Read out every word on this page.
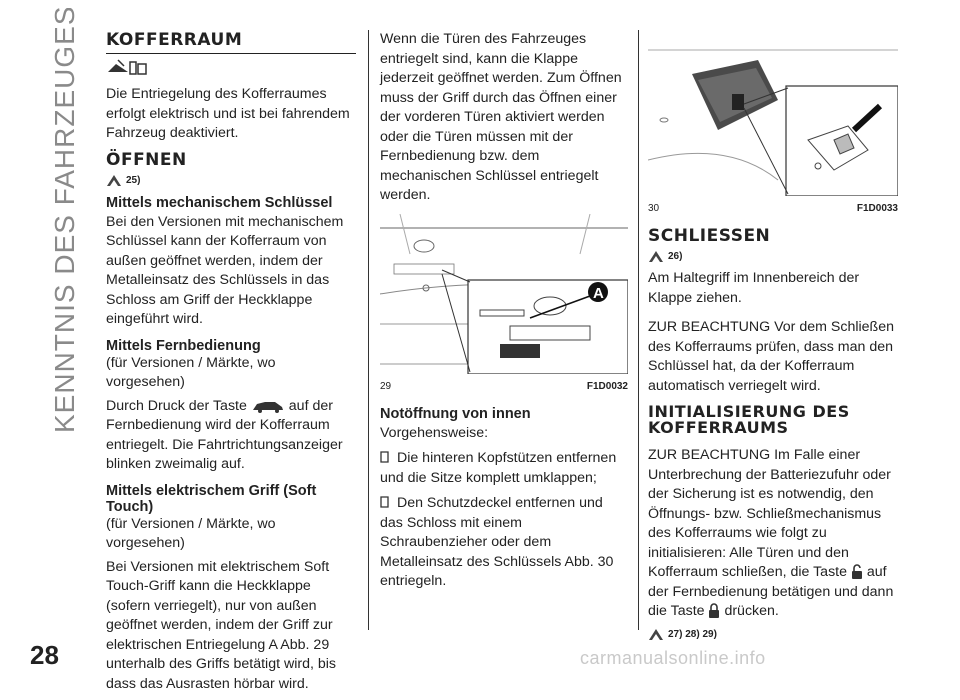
KENNTNIS DES FAHRZEUGES KOFFERRAUM

Die Entriegelung des Kofferraumes erfolgt elektrisch und ist bei fahrendem Fahrzeug deaktiviert.

ÖFFNEN
25)
Mittels mechanischem Schlüssel

Bei den Versionen mit mechanischem Schlüssel kann der Kofferraum von außen geöffnet werden, indem der Metalleinsatz des Schlüssels in das Schloss am Griff der Heckklappe eingeführt wird.

Mittels Fernbedienung

(für Versionen / Märkte, wo vorgesehen)

Durch Druck der Taste	auf der Fernbedienung wird der Kofferraum entriegelt. Die Fahrtrichtungsanzeiger blinken zweimalig auf.

Mittels elektrischem Griff (Soft Touch)

(für Versionen / Märkte, wo vorgesehen)

Bei Versionen mit elektrischem Soft Touch-Griff kann die Heckklappe (sofern verriegelt), nur von außen geöffnet werden, indem der Griff zur elektrischen Entriegelung A Abb. 29 unterhalb des Griffs betätigt wird, bis dass das Ausrasten hörbar wird.

Wenn die Türen des Fahrzeuges entriegelt sind, kann die Klappe jederzeit geöffnet werden. Zum Öffnen muss der Griff durch das Öffnen einer der vorderen Türen aktiviert werden oder die Türen müssen mit der Fernbedienung bzw. dem mechanischen Schlüssel entriegelt werden.

A
29	F1D0032
Notöffnung von innen

Vorgehensweise:

Die hinteren Kopfstützen entfernen und die Sitze komplett umklappen;

Den Schutzdeckel entfernen und das Schloss mit einem Schraubenzieher oder dem Metalleinsatz des Schlüssels Abb. 30 entriegeln.

30	F1D0033
SCHLIESSEN
26)

Am Haltegriff im Innenbereich der Klappe ziehen.

ZUR BEACHTUNG Vor dem Schließen des Kofferraums prüfen, dass man den Schlüssel hat, da der Kofferraum automatisch verriegelt wird.

INITIALISIERUNG DES KOFFERRAUMS

ZUR BEACHTUNG Im Falle einer Unterbrechung der Batteriezufuhr oder der Sicherung ist es notwendig, den Öffnungs- bzw. Schließmechanismus des Kofferraums wie folgt zu initialisieren: Alle Türen und den Kofferraum schließen, die Taste auf der Fernbedienung betätigen und dann die Taste drücken.

27) 28) 29)
28	carmanualsonline.info
